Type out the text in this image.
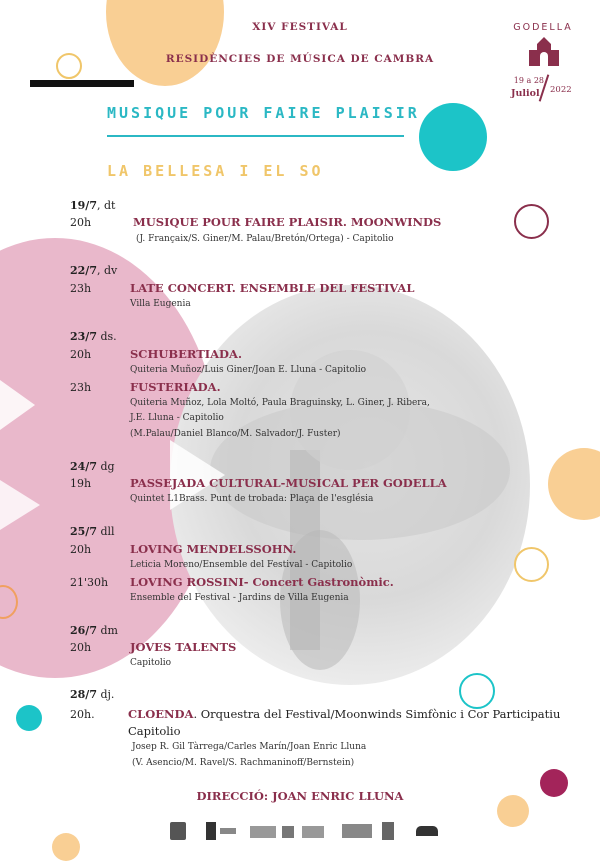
XIV FESTIVAL
RESIDÈNCIES DE MÚSICA DE CAMBRA
MUSIQUE POUR FAIRE PLAISIR
LA BELLESA I EL SO
GODELLA
19 a 28
Juliol 2022
19/7, dt
20h	MUSIQUE POUR FAIRE PLAISIR. MOONWINDS
(J. Françaix/S. Giner/M. Palau/Bretón/Ortega) - Capitolio
22/7, dv
23h	LATE CONCERT. ENSEMBLE DEL FESTIVAL
Villa Eugenia
23/7 ds.
20h	SCHUBERTIADA.
Quiteria Muñoz/Luis Giner/Joan E. Lluna - Capitolio
23h	FUSTERIADA.
Quiteria Muñoz, Lola Moltó, Paula Braguinsky, L. Giner, J. Ribera,
J.E. Lluna - Capitolio
(M.Palau/Daniel Blanco/M. Salvador/J. Fuster)
24/7 dg
19h	PASSEJADA CULTURAL-MUSICAL PER GODELLA
Quintet L1Brass. Punt de trobada: Plaça de l'església
25/7 dll
20h	LOVING MENDELSSOHN.
Leticia Moreno/Ensemble del Festival - Capitolio
21'30h LOVING ROSSINI- Concert Gastronòmic.
Ensemble del Festival - Jardins de Villa Eugenia
26/7 dm
20h	JOVES TALENTS
Capitolio
28/7 dj.
20h.	CLOENDA. Orquestra del Festival/Moonwinds Simfònic i Cor Participatiu
Capitolio
Josep R. Gil Tàrrega/Carles Marín/Joan Enric Lluna
(V. Asencio/M. Ravel/S. Rachmaninoff/Bernstein)
DIRECCIÓ: JOAN ENRIC LLUNA
